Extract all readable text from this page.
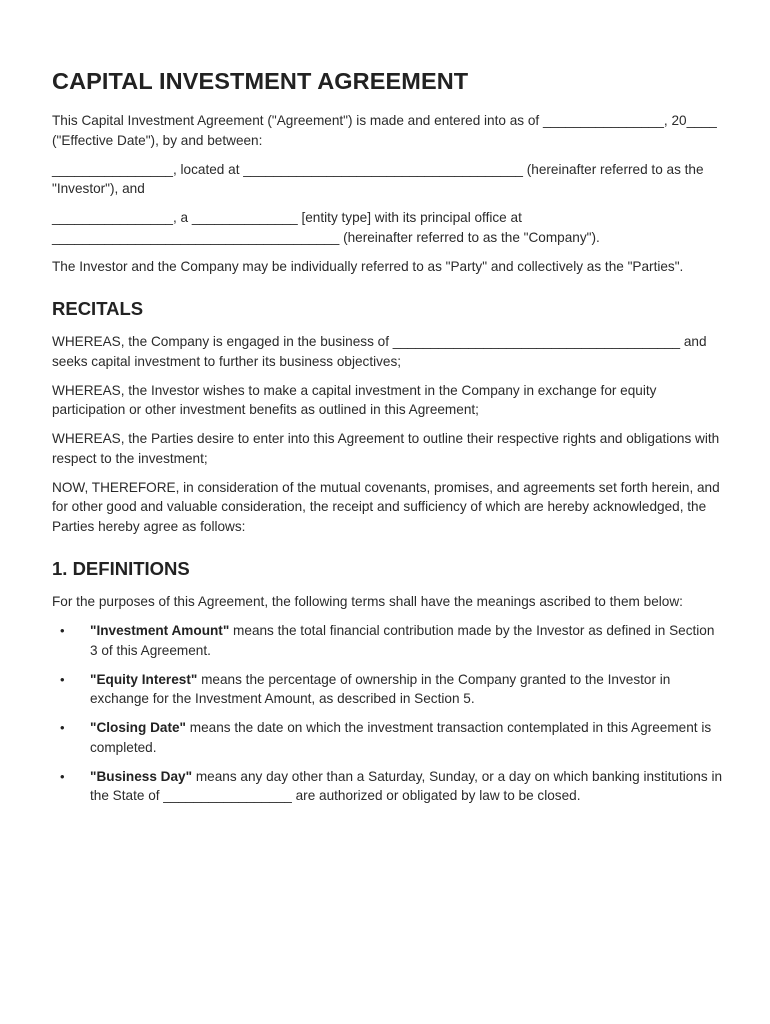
CAPITAL INVESTMENT AGREEMENT

This Capital Investment Agreement ("Agreement") is made and entered into as of ________________, 20____ ("Effective Date"), by and between:

________________, located at _____________________________________ (hereinafter referred to as the "Investor"), and

________________, a ______________ [entity type] with its principal office at ______________________________________ (hereinafter referred to as the "Company").

The Investor and the Company may be individually referred to as "Party" and collectively as the "Parties".

RECITALS

WHEREAS, the Company is engaged in the business of ______________________________________ and seeks capital investment to further its business objectives;

WHEREAS, the Investor wishes to make a capital investment in the Company in exchange for equity participation or other investment benefits as outlined in this Agreement;

WHEREAS, the Parties desire to enter into this Agreement to outline their respective rights and obligations with respect to the investment;

NOW, THEREFORE, in consideration of the mutual covenants, promises, and agreements set forth herein, and for other good and valuable consideration, the receipt and sufficiency of which are hereby acknowledged, the Parties hereby agree as follows:

1. DEFINITIONS

For the purposes of this Agreement, the following terms shall have the meanings ascribed to them below:

• "Investment Amount" means the total financial contribution made by the Investor as defined in Section 3 of this Agreement.
• "Equity Interest" means the percentage of ownership in the Company granted to the Investor in exchange for the Investment Amount, as described in Section 5.
• "Closing Date" means the date on which the investment transaction contemplated in this Agreement is completed.
• "Business Day" means any day other than a Saturday, Sunday, or a day on which banking institutions in the State of _________________ are authorized or obligated by law to be closed.
